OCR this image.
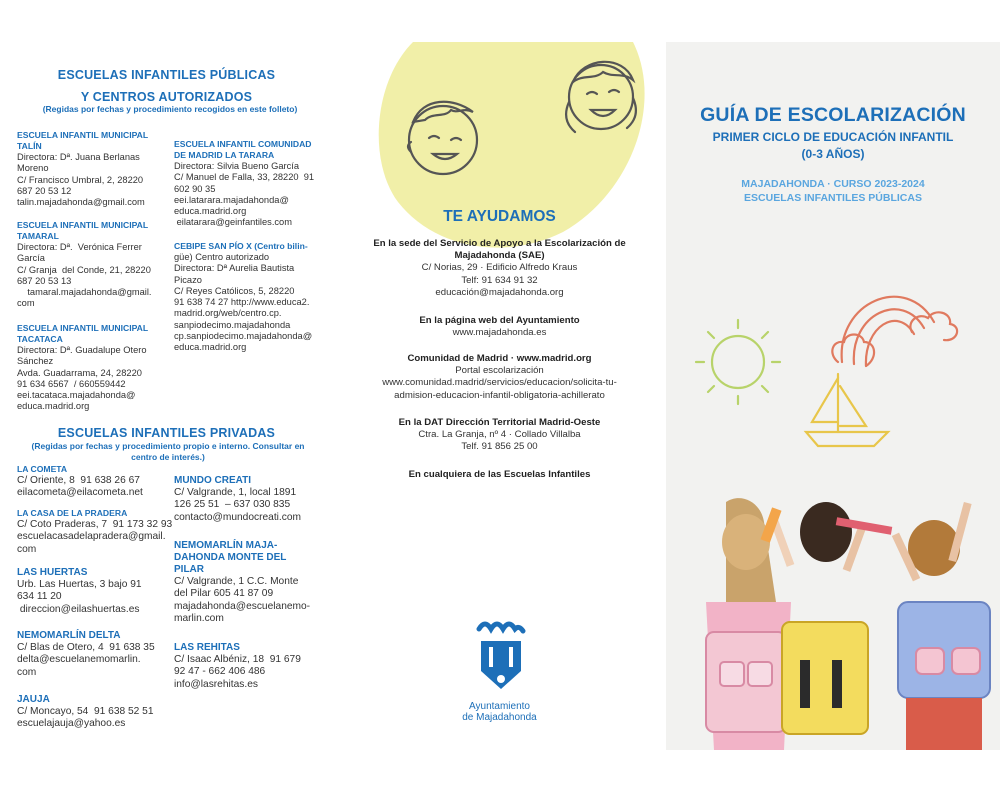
ESCUELAS INFANTILES PÚBLICAS
Y CENTROS AUTORIZADOS
(Regidas por fechas y procedimiento recogidos en este folleto)
ESCUELA INFANTIL MUNICIPAL
TALÍN
Directora: Dª. Juana Berlanas
Moreno
C/ Francisco Umbral, 2, 28220
687 20 53 12
talin.majadahonda@gmail.com
ESCUELA INFANTIL MUNICIPAL
TAMARAL
Directora: Dª.  Verónica Ferrer
García
C/ Granja  del Conde, 21, 28220
687 20 53 13
tamaral.majadahonda@gmail.
com
ESCUELA INFANTIL MUNICIPAL
TACATACA
Directora: Dª. Guadalupe Otero
Sánchez
Avda. Guadarrama, 24, 28220
91 634 6567  / 660559442
eei.tacataca.majadahonda@
educa.madrid.org
ESCUELA INFANTIL COMUNIDAD
DE MADRID LA TARARA
Directora: Silvia Bueno García
C/ Manuel de Falla, 33, 28220  91
602 90 35
eei.latarara.majadahonda@
educa.madrid.org
eilatarara@geinfantiles.com
CEBIPE SAN PÍO X (Centro bilin-
güe) Centro autorizado
Directora: Dª Aurelia Bautista
Picazo
C/ Reyes Católicos, 5, 28220
91 638 74 27 http://www.educa2.
madrid.org/web/centro.cp.
sanpiodecimo.majadahonda
cp.sanpiodecimo.majadahonda@
educa.madrid.org
ESCUELAS INFANTILES PRIVADAS
(Regidas por fechas y procedimiento propio e interno. Consultar en
centro de interés.)
LA COMETA
C/ Oriente, 8  91 638 26 67
eilacometa@eilacometa.net
LA CASA DE LA PRADERA
C/ Coto Praderas, 7  91 173 32 93
escuelacasadelapradera@gmail.
com
LAS HUERTAS
Urb. Las Huertas, 3 bajo 91
634 11 20
direccion@eilashuertas.es
NEMOMARLÍN DELTA
C/ Blas de Otero, 4  91 638 35
delta@escuelanemomarlin.
com
JAUJA
C/ Moncayo, 54  91 638 52 51
escuelajauja@yahoo.es
MUNDO CREATI
C/ Valgrande, 1, local 1891
126 25 51  – 637 030 835
contacto@mundocreati.com
NEMOMARLÍN MAJA-
DAHONDA MONTE DEL
PILAR
C/ Valgrande, 1 C.C. Monte
del Pilar 605 41 87 09
majadahonda@escuelanemo-
marlin.com
LAS REHITAS
C/ Isaac Albéniz, 18  91 679
92 47 - 662 406 486
info@lasrehitas.es
TE AYUDAMOS
En la sede del Servicio de Apoyo a la Escolarización de
Majadahonda (SAE)
C/ Norias, 29 · Edificio Alfredo Kraus
Telf: 91 634 91 32
educación@majadahonda.org
En la página web del Ayuntamiento
www.majadahonda.es
Comunidad de Madrid · www.madrid.org
Portal escolarización
www.comunidad.madrid/servicios/educacion/solicita-tu-
admision-educacion-infantil-obligatoria-achillerato
En la DAT Dirección Territorial Madrid-Oeste
Ctra. La Granja, nº 4 · Collado Villalba
Telf. 91 856 25 00
En cualquiera de las Escuelas Infantiles
Ayuntamiento
de Majadahonda
GUÍA DE ESCOLARIZACIÓN
PRIMER CICLO DE EDUCACIÓN INFANTIL
(0-3 AÑOS)
MAJADAHONDA · CURSO 2023-2024
ESCUELAS INFANTILES PÚBLICAS
